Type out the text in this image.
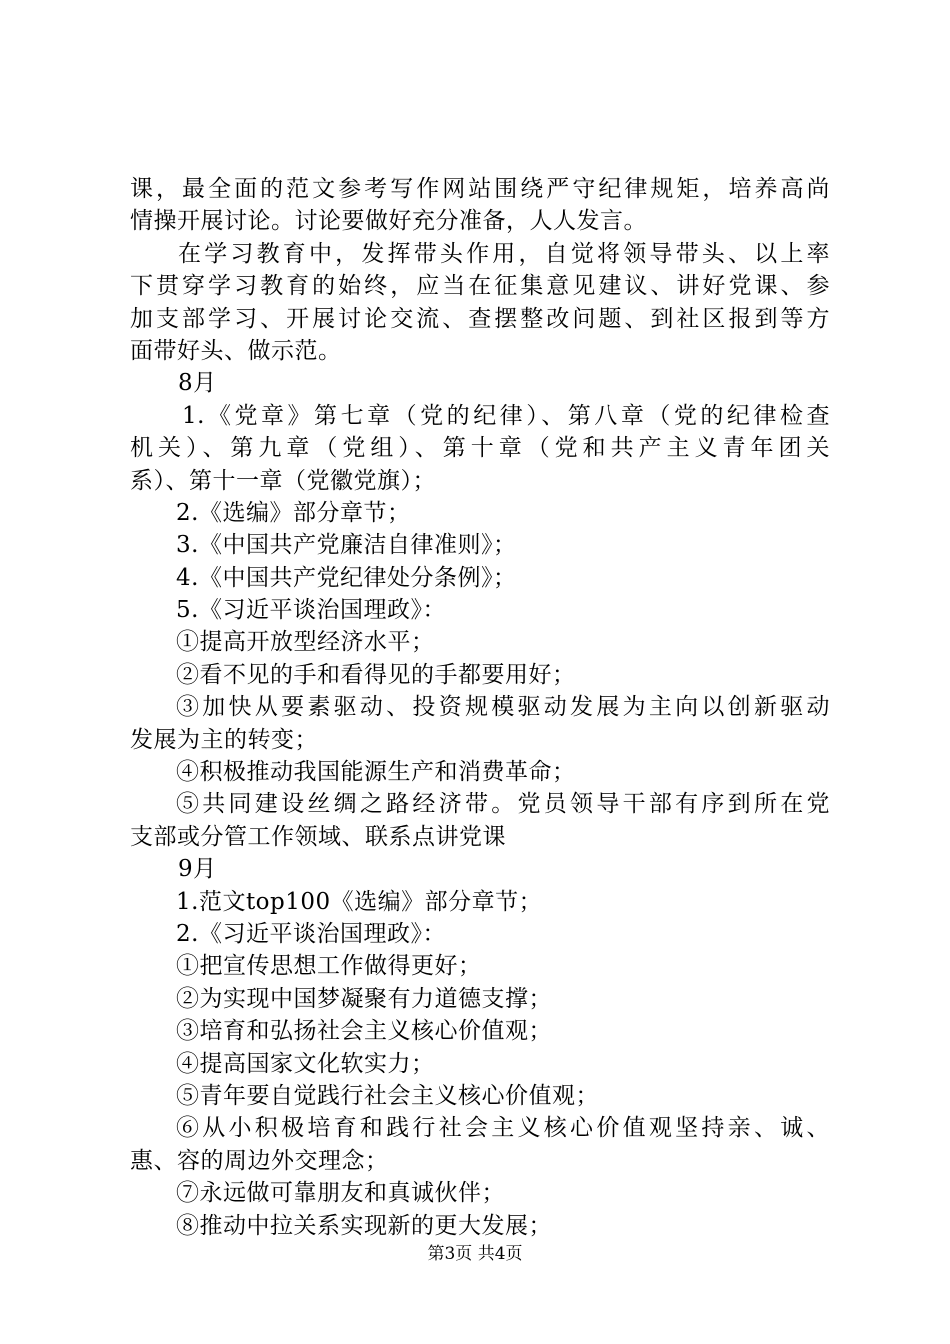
课，最全面的范文参考写作网站围绕严守纪律规矩，培养高尚
情操开展讨论。讨论要做好充分准备，人人发言。
在学习教育中，发挥带头作用，自觉将领导带头、以上率
下贯穿学习教育的始终，应当在征集意见建议、讲好党课、参
加支部学习、开展讨论交流、查摆整改问题、到社区报到等方
面带好头、做示范。
8月
1.《党章》第七章（党的纪律）、第八章（党的纪律检查
机关）、第九章（党组）、第十章（党和共产主义青年团关
系）、第十一章（党徽党旗）；
2.《选编》部分章节；
3.《中国共产党廉洁自律准则》；
4.《中国共产党纪律处分条例》；
5.《习近平谈治国理政》：
①提高开放型经济水平；
②看不见的手和看得见的手都要用好；
③加快从要素驱动、投资规模驱动发展为主向以创新驱动
发展为主的转变；
④积极推动我国能源生产和消费革命；
⑤共同建设丝绸之路经济带。党员领导干部有序到所在党
支部或分管工作领域、联系点讲党课
9月
1.范文top100《选编》部分章节；
2.《习近平谈治国理政》：
①把宣传思想工作做得更好；
②为实现中国梦凝聚有力道德支撑；
③培育和弘扬社会主义核心价值观；
④提高国家文化软实力；
⑤青年要自觉践行社会主义核心价值观；
⑥从小积极培育和践行社会主义核心价值观坚持亲、诚、
惠、容的周边外交理念；
⑦永远做可靠朋友和真诚伙伴；
⑧推动中拉关系实现新的更大发展；
第3页 共4页
